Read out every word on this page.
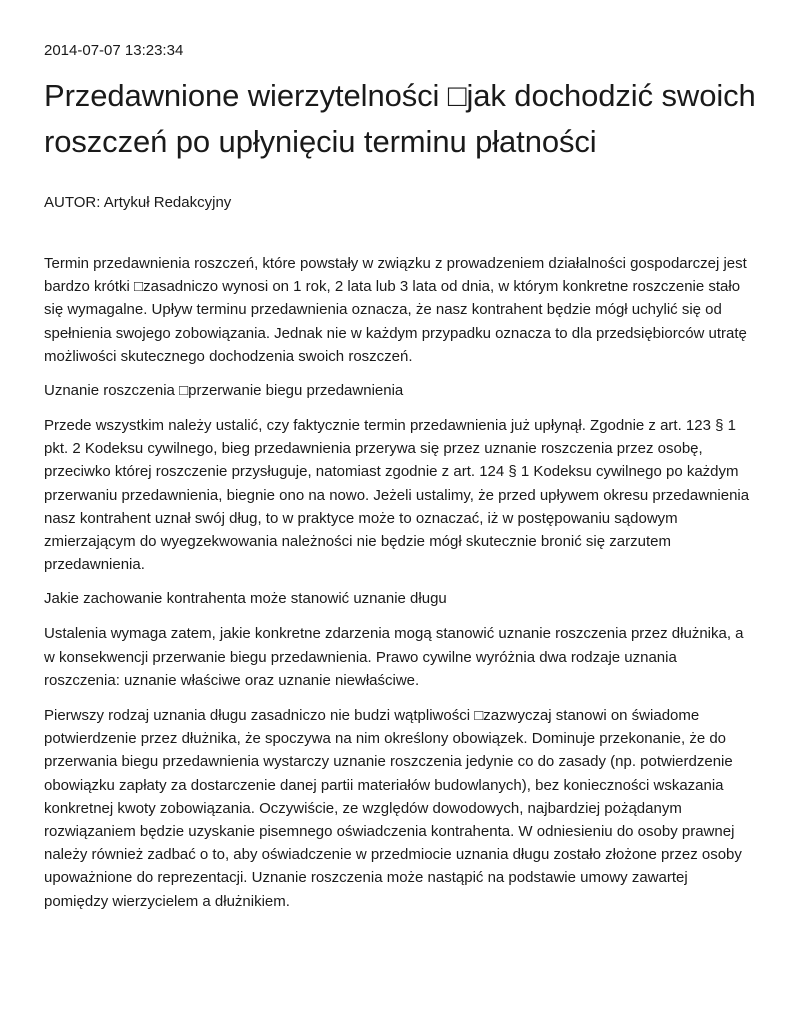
2014-07-07 13:23:34
Przedawnione wierzytelności □jak dochodzić swoich roszczeń po upłynięciu terminu płatności
AUTOR: Artykuł Redakcyjny

Termin przedawnienia roszczeń, które powstały w związku z prowadzeniem działalności gospodarczej jest bardzo krótki □zasadniczo wynosi on 1 rok, 2 lata lub 3 lata od dnia, w którym konkretne roszczenie stało się wymagalne. Upływ terminu przedawnienia oznacza, że nasz kontrahent będzie mógł uchylić się od spełnienia swojego zobowiązania. Jednak nie w każdym przypadku oznacza to dla przedsiębiorców utratę możliwości skutecznego dochodzenia swoich roszczeń.

Uznanie roszczenia □przerwanie biegu przedawnienia

Przede wszystkim należy ustalić, czy faktycznie termin przedawnienia już upłynął. Zgodnie z art. 123 § 1 pkt. 2 Kodeksu cywilnego, bieg przedawnienia przerywa się przez uznanie roszczenia przez osobę, przeciwko której roszczenie przysługuje, natomiast zgodnie z art. 124 § 1 Kodeksu cywilnego po każdym przerwaniu przedawnienia, biegnie ono na nowo. Jeżeli ustalimy, że przed upływem okresu przedawnienia nasz kontrahent uznał swój dług, to w praktyce może to oznaczać, iż w postępowaniu sądowym zmierzającym do wyegzekwowania należności nie będzie mógł skutecznie bronić się zarzutem przedawnienia.

Jakie zachowanie kontrahenta może stanowić uznanie długu

Ustalenia wymaga zatem, jakie konkretne zdarzenia mogą stanowić uznanie roszczenia przez dłużnika, a w konsekwencji przerwanie biegu przedawnienia. Prawo cywilne wyróżnia dwa rodzaje uznania roszczenia: uznanie właściwe oraz uznanie niewłaściwe.

Pierwszy rodzaj uznania długu zasadniczo nie budzi wątpliwości □zazwyczaj stanowi on świadome potwierdzenie przez dłużnika, że spoczywa na nim określony obowiązek. Dominuje przekonanie, że do przerwania biegu przedawnienia wystarczy uznanie roszczenia jedynie co do zasady (np. potwierdzenie obowiązku zapłaty za dostarczenie danej partii materiałów budowlanych), bez konieczności wskazania konkretnej kwoty zobowiązania. Oczywiście, ze względów dowodowych, najbardziej pożądanym rozwiązaniem będzie uzyskanie pisemnego oświadczenia kontrahenta. W odniesieniu do osoby prawnej należy również zadbać o to, aby oświadczenie w przedmiocie uznania długu zostało złożone przez osoby upoważnione do reprezentacji. Uznanie roszczenia może nastąpić na podstawie umowy zawartej pomiędzy wierzycielem a dłużnikiem.
